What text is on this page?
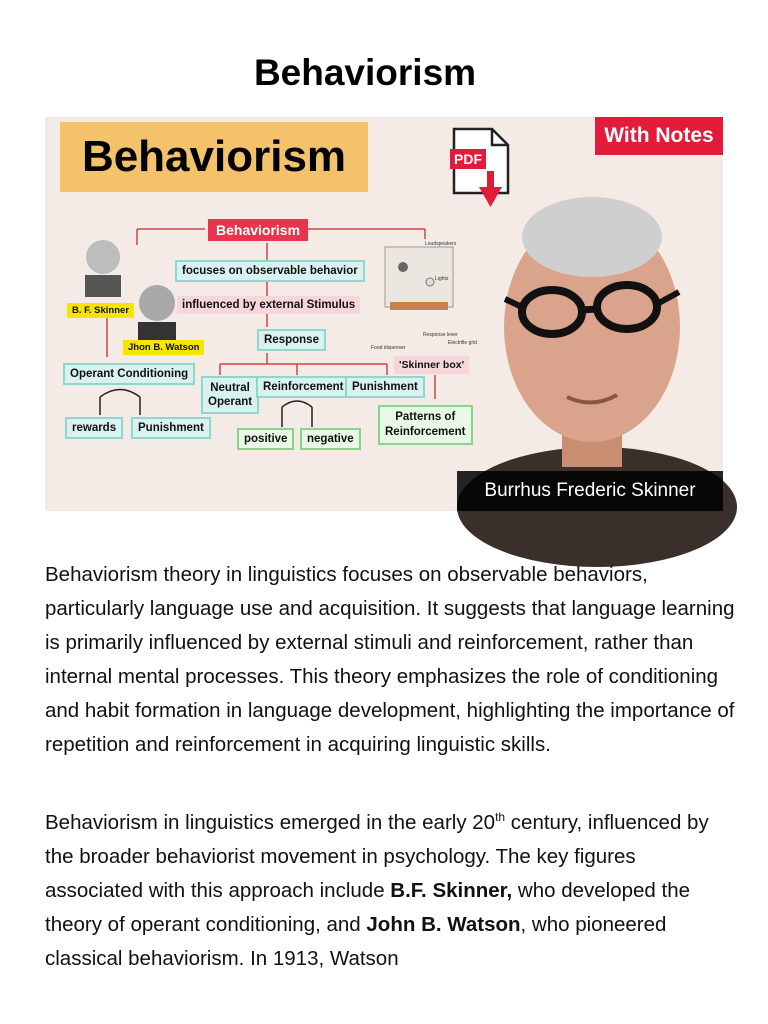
Behaviorism
Behaviorism	With Notes
PDF
Burrhus Frederic Skinner
Loudspeakers
Lights
Response lever
Food dispenser
Electrifie grid
Behaviorism
focuses on observable behavior
influenced by external Stimulus
Response
B. F. Skinner
Jhon B. Watson
Operant Conditioning
rewards	Punishment
Neutral
Operant
Reinforcement Punishment
positive	negative
'Skinner box'
Patterns of
Reinforcement

Behaviorism theory in linguistics focuses on observable behaviors, particularly language use and acquisition. It suggests that language learning is primarily influenced by external stimuli and reinforcement, rather than internal mental processes. This theory emphasizes the role of conditioning and habit formation in language development, highlighting the importance of repetition and reinforcement in acquiring linguistic skills.

Behaviorism in linguistics emerged in the early 20th century, influenced by the broader behaviorist movement in psychology. The key figures associated with this approach include B.F. Skinner, who developed the theory of operant conditioning, and John B. Watson, who pioneered classical behaviorism. In 1913, Watson
